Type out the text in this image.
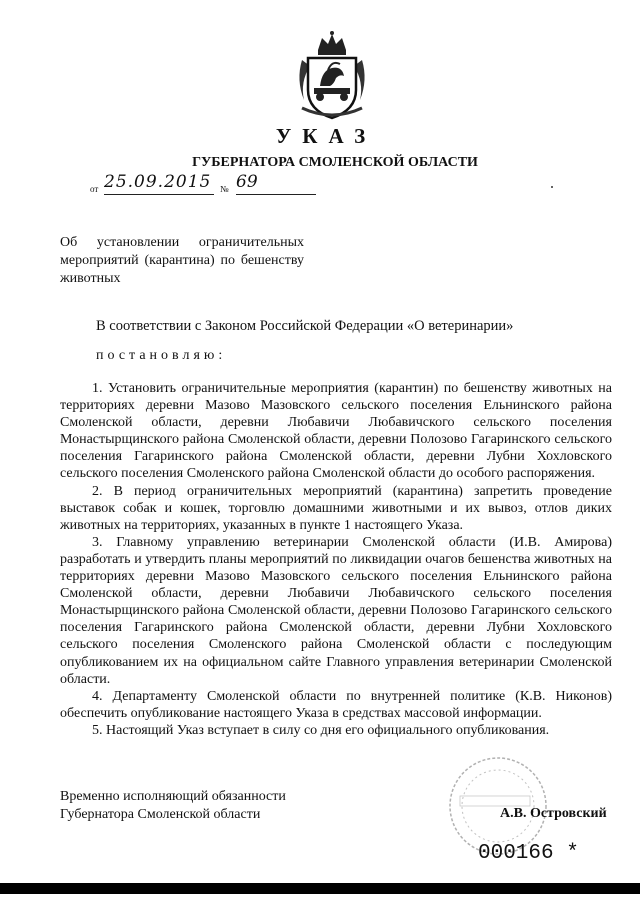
УКАЗ
ГУБЕРНАТОРА СМОЛЕНСКОЙ ОБЛАСТИ
от 25.09.2015 № 69
Об установлении ограничительных мероприятий (карантина) по бешенству животных
В соответствии с Законом Российской Федерации «О ветеринарии»
постановляю:

1. Установить ограничительные мероприятия (карантин) по бешенству животных на территориях деревни Мазово Мазовского сельского поселения Ельнинского района Смоленской области, деревни Любавичи Любавичского сельского поселения Монастырщинского района Смоленской области, деревни Полозово Гагаринского сельского поселения Гагаринского района Смоленской области, деревни Лубни Хохловского сельского поселения Смоленского района Смоленской области до особого распоряжения.

2. В период ограничительных мероприятий (карантина) запретить проведение выставок собак и кошек, торговлю домашними животными и их вывоз, отлов диких животных на территориях, указанных в пункте 1 настоящего Указа.

3. Главному управлению ветеринарии Смоленской области (И.В. Амирова) разработать и утвердить планы мероприятий по ликвидации очагов бешенства животных на территориях деревни Мазово Мазовского сельского поселения Ельнинского района Смоленской области, деревни Любавичи Любавичского сельского поселения Монастырщинского района Смоленской области, деревни Полозово Гагаринского сельского поселения Гагаринского района Смоленской области, деревни Лубни Хохловского сельского поселения Смоленского района Смоленской области с последующим опубликованием их на официальном сайте Главного управления ветеринарии Смоленской области.

4. Департаменту Смоленской области по внутренней политике (К.В. Никонов) обеспечить опубликование настоящего Указа в средствах массовой информации.

5. Настоящий Указ вступает в силу со дня его официального опубликования.

Временно исполняющий обязанности
Губернатора Смоленской области	А.В. Островский
000166 *
